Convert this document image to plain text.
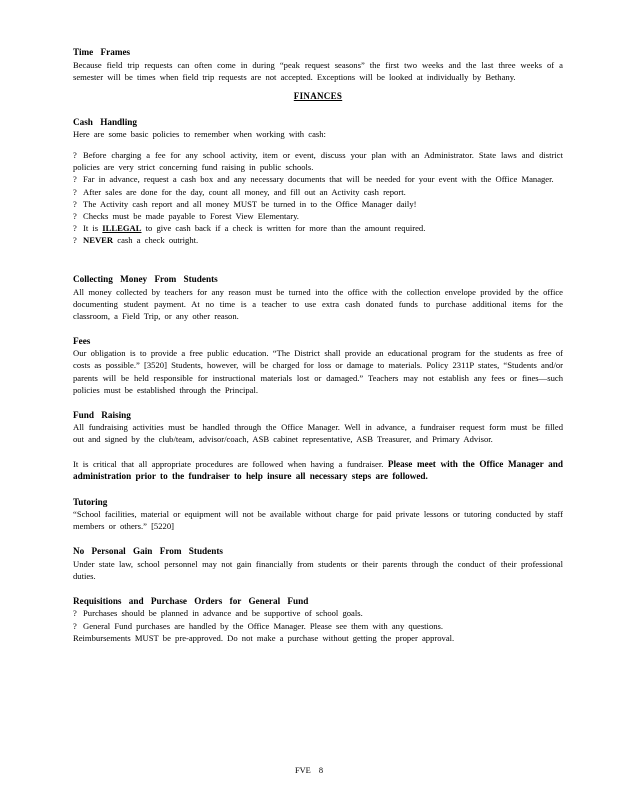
Time Frames

Because field trip requests can often come in during “peak request seasons” the first two weeks and the last three weeks of a semester will be times when field trip requests are not accepted. Exceptions will be looked at individually by Bethany.

FINANCES

Cash Handling

Here are some basic policies to remember when working with cash:

? Before charging a fee for any school activity, item or event, discuss your plan with an Administrator. State laws and district policies are very strict concerning fund raising in public schools.

? Far in advance, request a cash box and any necessary documents that will be needed for your event with the Office Manager.

? After sales are done for the day, count all money, and fill out an Activity cash report.

? The Activity cash report and all money MUST be turned in to the Office Manager daily!

? Checks must be made payable to Forest View Elementary.

? It is ILLEGAL to give cash back if a check is written for more than the amount required.

? NEVER cash a check outright.

Collecting Money From Students

All money collected by teachers for any reason must be turned into the office with the collection envelope provided by the office documenting student payment. At no time is a teacher to use extra cash donated funds to purchase additional items for the classroom, a Field Trip, or any other reason.

Fees

Our obligation is to provide a free public education. “The District shall provide an educational program for the students as free of costs as possible.” [3520] Students, however, will be charged for loss or damage to materials. Policy 2311P states, “Students and/or parents will be held responsible for instructional materials lost or damaged.” Teachers may not establish any fees or fines—such policies must be established through the Principal.

Fund Raising

All fundraising activities must be handled through the Office Manager. Well in advance, a fundraiser request form must be filled out and signed by the club/team, advisor/coach, ASB cabinet representative, ASB Treasurer, and Primary Advisor.

It is critical that all appropriate procedures are followed when having a fundraiser. Please meet with the Office Manager and administration prior to the fundraiser to help insure all necessary steps are followed.

Tutoring

“School facilities, material or equipment will not be available without charge for paid private lessons or tutoring conducted by staff members or others.” [5220]

No Personal Gain From Students

Under state law, school personnel may not gain financially from students or their parents through the conduct of their professional duties.

Requisitions and Purchase Orders for General Fund

? Purchases should be planned in advance and be supportive of school goals.

? General Fund purchases are handled by the Office Manager. Please see them with any questions.

Reimbursements MUST be pre-approved. Do not make a purchase without getting the proper approval.

FVE 8
